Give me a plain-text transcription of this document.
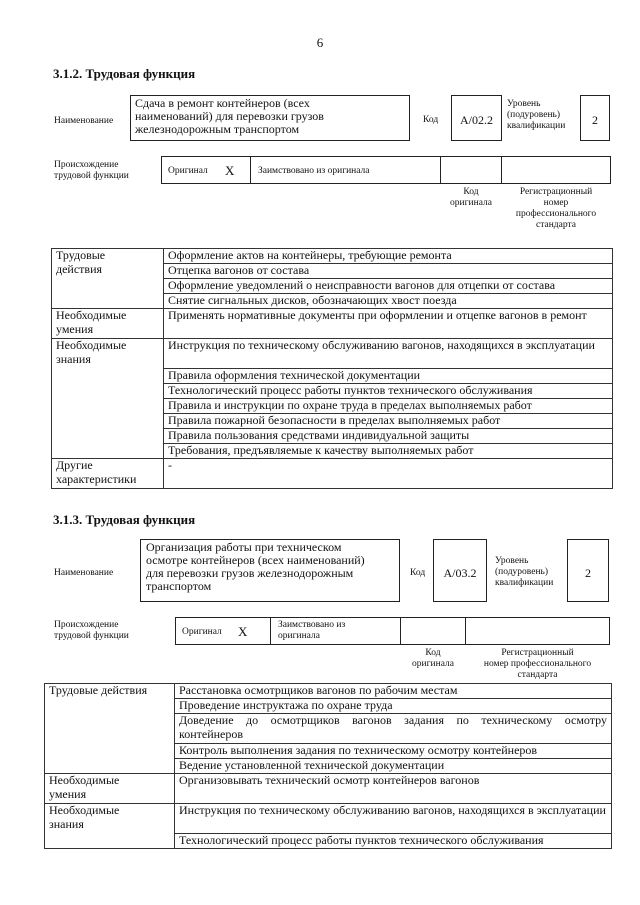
6
3.1.2. Трудовая функция
Наименование
Сдача в ремонт контейнеров (всех
наименований) для перевозки грузов
железнодорожным транспортом
Код	А/02.2
Уровень
(подуровень)
квалификации	2
Происхождение
трудовой функции	Оригинал X Заимствовано из оригинала
Код
оригинала
Регистрационный
номер
профессионального
стандарта
Трудовые
действия	Оформление актов на контейнеры, требующие ремонта
	Отцепка вагонов от состава
	Оформление уведомлений о неисправности вагонов для отцепки от состава
	Снятие сигнальных дисков, обозначающих хвост поезда

Необходимые
умения	Применять нормативные документы при оформлении и отцепке вагонов в ремонт

Необходимые
знания	Инструкция по техническому обслуживанию вагонов, находящихся в эксплуатации
	Правила оформления технической документации
	Технологический процесс работы пунктов технического обслуживания
	Правила и инструкции по охране труда в пределах выполняемых работ
	Правила пожарной безопасности в пределах выполняемых работ
	Правила пользования средствами индивидуальной защиты
	Требования, предъявляемые к качеству выполняемых работ

Другие
характеристики	-
3.1.3. Трудовая функция
Наименование
Организация работы при техническом
осмотре контейнеров (всех наименований)
для перевозки грузов железнодорожным
транспортом
Код	А/03.2
Уровень
(подуровень)
квалификации
2
Происхождение
трудовой функции	Оригинал X	Заимствовано из
оригинала
Код
оригинала
Регистрационный
номер профессионального
стандарта
Трудовые действия	Расстановка осмотрщиков вагонов по рабочим местам
	Проведение инструктажа по охране труда
	Доведение до осмотрщиков вагонов задания по техническому осмотру контейнеров
	Контроль выполнения задания по техническому осмотру контейнеров
	Ведение установленной технической документации

Необходимые
умения	Организовывать технический осмотр контейнеров вагонов

Необходимые
знания	Инструкция по техническому обслуживанию вагонов, находящихся в эксплуатации
	Технологический процесс работы пунктов технического обслуживания
